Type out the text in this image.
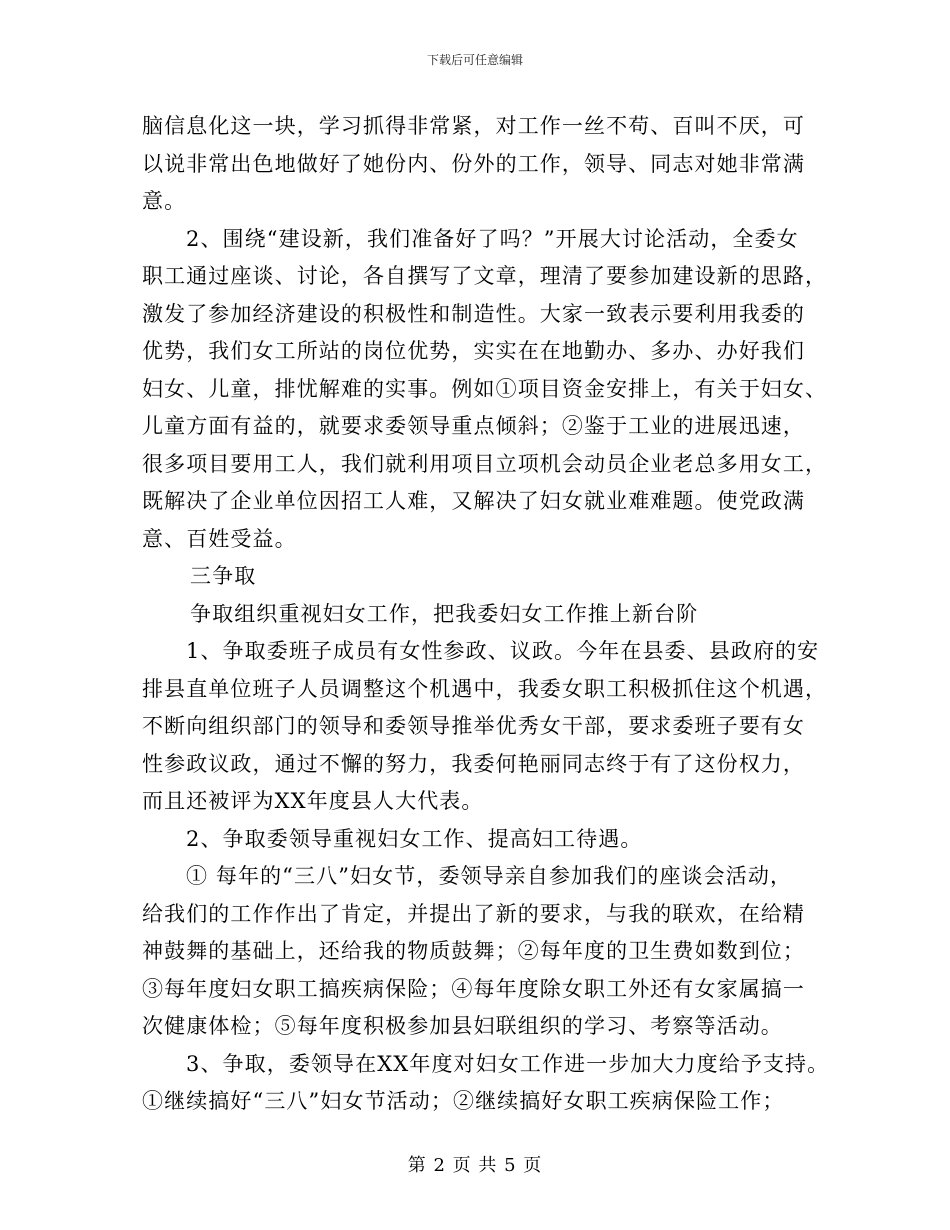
下载后可任意编辑
脑信息化这一块，学习抓得非常紧，对工作一丝不苟、百叫不厌，可
以说非常出色地做好了她份内、份外的工作，领导、同志对她非常满
意。
2、围绕“建设新，我们准备好了吗？”开展大讨论活动，全委女
职工通过座谈、讨论，各自撰写了文章，理清了要参加建设新的思路，
激发了参加经济建设的积极性和制造性。大家一致表示要利用我委的
优势，我们女工所站的岗位优势，实实在在地勤办、多办、办好我们
妇女、儿童，排忧解难的实事。例如①项目资金安排上，有关于妇女、
儿童方面有益的，就要求委领导重点倾斜；②鉴于工业的进展迅速，
很多项目要用工人，我们就利用项目立项机会动员企业老总多用女工，
既解决了企业单位因招工人难，又解决了妇女就业难难题。使党政满
意、百姓受益。
三争取
争取组织重视妇女工作，把我委妇女工作推上新台阶
1、争取委班子成员有女性参政、议政。今年在县委、县政府的安
排县直单位班子人员调整这个机遇中，我委女职工积极抓住这个机遇，
不断向组织部门的领导和委领导推举优秀女干部，要求委班子要有女
性参政议政，通过不懈的努力，我委何艳丽同志终于有了这份权力，
而且还被评为XX年度县人大代表。
2、争取委领导重视妇女工作、提高妇工待遇。
① 每年的“三八”妇女节，委领导亲自参加我们的座谈会活动，
给我们的工作作出了肯定，并提出了新的要求，与我的联欢，在给精
神鼓舞的基础上，还给我的物质鼓舞；②每年度的卫生费如数到位；
③每年度妇女职工搞疾病保险；④每年度除女职工外还有女家属搞一
次健康体检；⑤每年度积极参加县妇联组织的学习、考察等活动。
3、争取，委领导在XX年度对妇女工作进一步加大力度给予支持。
①继续搞好“三八”妇女节活动；②继续搞好女职工疾病保险工作；
第 2 页 共 5 页
